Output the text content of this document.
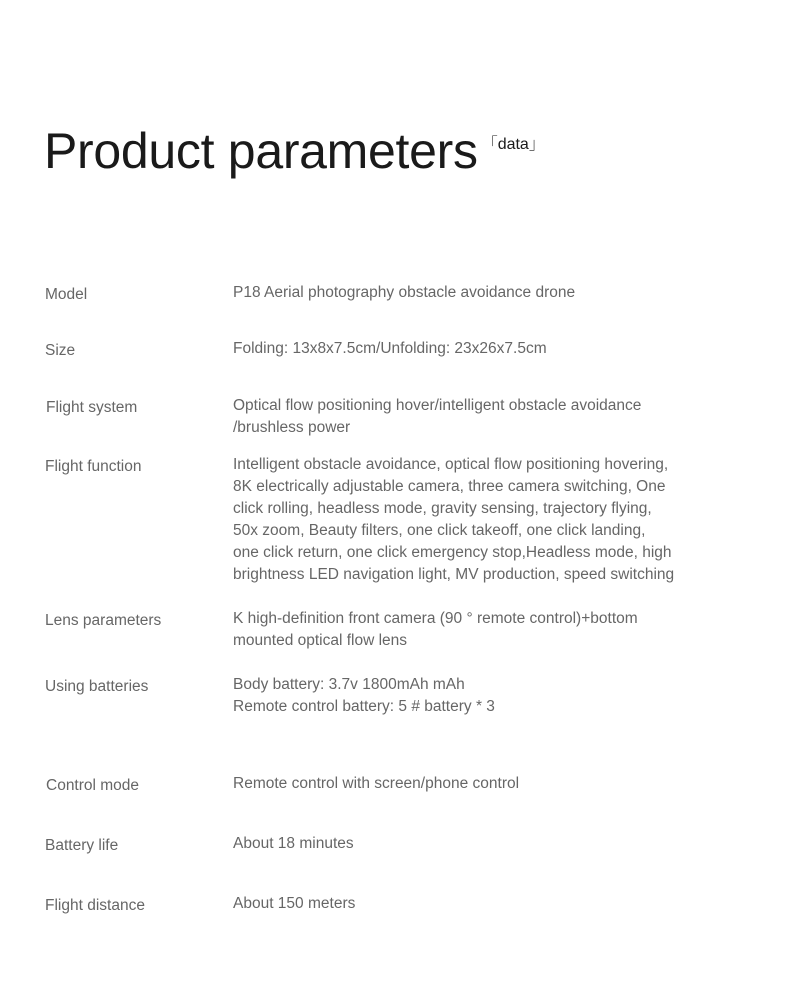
Product parameters 「data」
Model	P18 Aerial photography obstacle avoidance drone
Size	Folding: 13x8x7.5cm/Unfolding: 23x26x7.5cm
Flight system	Optical flow positioning hover/intelligent obstacle avoidance
/brushless power
Flight function	Intelligent obstacle avoidance, optical flow positioning hovering,
8K electrically adjustable camera, three camera switching, One
click rolling, headless mode, gravity sensing, trajectory flying,
50x zoom, Beauty filters, one click takeoff, one click landing,
one click return, one click emergency stop,Headless mode, high
brightness LED navigation light, MV production, speed switching
Lens parameters	K high-definition front camera (90 ° remote control)+bottom
mounted optical flow lens
Using batteries	Body battery: 3.7v 1800mAh mAh
Remote control battery: 5 # battery * 3
Control mode	Remote control with screen/phone control
Battery life	About 18 minutes
Flight distance	About 150 meters
